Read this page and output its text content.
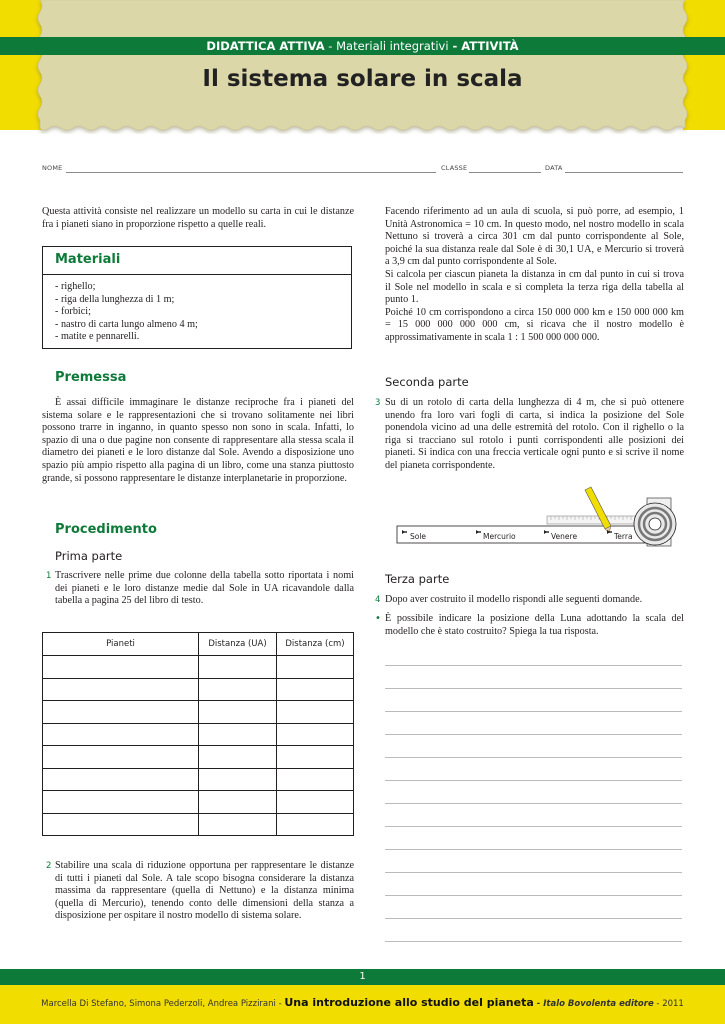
DIDATTICA ATTIVA - Materiali integrativi - ATTIVITÀ
Il sistema solare in scala
NOME	CLASSE	DATA
Questa attività consiste nel realizzare un modello su carta in cui le distanze fra i pianeti siano in proporzione rispetto a quelle reali.
Materiali
- righello;
- riga della lunghezza di 1 m;
- forbici;
- nastro di carta lungo almeno 4 m;
- matite e pennarelli.
Premessa
È assai difficile immaginare le distanze reciproche fra i pianeti del sistema solare e le rappresentazioni che si trovano solitamente nei libri possono trarre in inganno, in quanto spesso non sono in scala. Infatti, lo spazio di una o due pagine non consente di rappresentare alla stessa scala il diametro dei pianeti e le loro distanze dal Sole. Avendo a disposizione uno spazio più ampio rispetto alla pagina di un libro, come una stanza piuttosto grande, si possono rappresentare le distanze interplanetarie in proporzione.
Procedimento
Prima parte
1 Trascrivere nelle prime due colonne della tabella sotto riportata i nomi dei pianeti e le loro distanze medie dal Sole in UA ricavandole dalla tabella a pagina 25 del libro di testo.
Pianeti	Distanza (UA)	Distanza (cm)

2 Stabilire una scala di riduzione opportuna per rappresentare le distanze di tutti i pianeti dal Sole. A tale scopo bisogna considerare la distanza massima da rappresentare (quella di Nettuno) e la distanza minima (quella di Mercurio), tenendo conto delle dimensioni della stanza a disposizione per ospitare il nostro modello di sistema solare.
Facendo riferimento ad un aula di scuola, si può porre, ad esempio, 1 Unità Astronomica = 10 cm. In questo modo, nel nostro modello in scala Nettuno si troverà a circa 301 cm dal punto corrispondente al Sole, poiché la sua distanza reale dal Sole è di 30,1 UA, e Mercurio si troverà a 3,9 cm dal punto corrispondente al Sole.
Si calcola per ciascun pianeta la distanza in cm dal punto in cui si trova il Sole nel modello in scala e si completa la terza riga della tabella al punto 1.
Poiché 10 cm corrispondono a circa 150 000 000 km e 150 000 000 km = 15 000 000 000 000 cm, si ricava che il nostro modello è approssimativamente in scala 1 : 1 500 000 000 000.
Seconda parte
3 Su di un rotolo di carta della lunghezza di 4 m, che si può ottenere unendo fra loro vari fogli di carta, si indica la posizione del Sole ponendola vicino ad una delle estremità del rotolo. Con il righello o la riga si tracciano sul rotolo i punti corrispondenti alle posizioni dei pianeti. Si indica con una freccia verticale ogni punto e si scrive il nome del pianeta corrispondente.
Sole	Mercurio	Venere	Terra
Terza parte
4 Dopo aver costruito il modello rispondi alle seguenti domande.
• È possibile indicare la posizione della Luna adottando la scala del modello che è stato costruito? Spiega la tua risposta.
1
Marcella Di Stefano, Simona Pederzoli, Andrea Pizzirani - Una introduzione allo studio del pianeta - Italo Bovolenta editore - 2011
